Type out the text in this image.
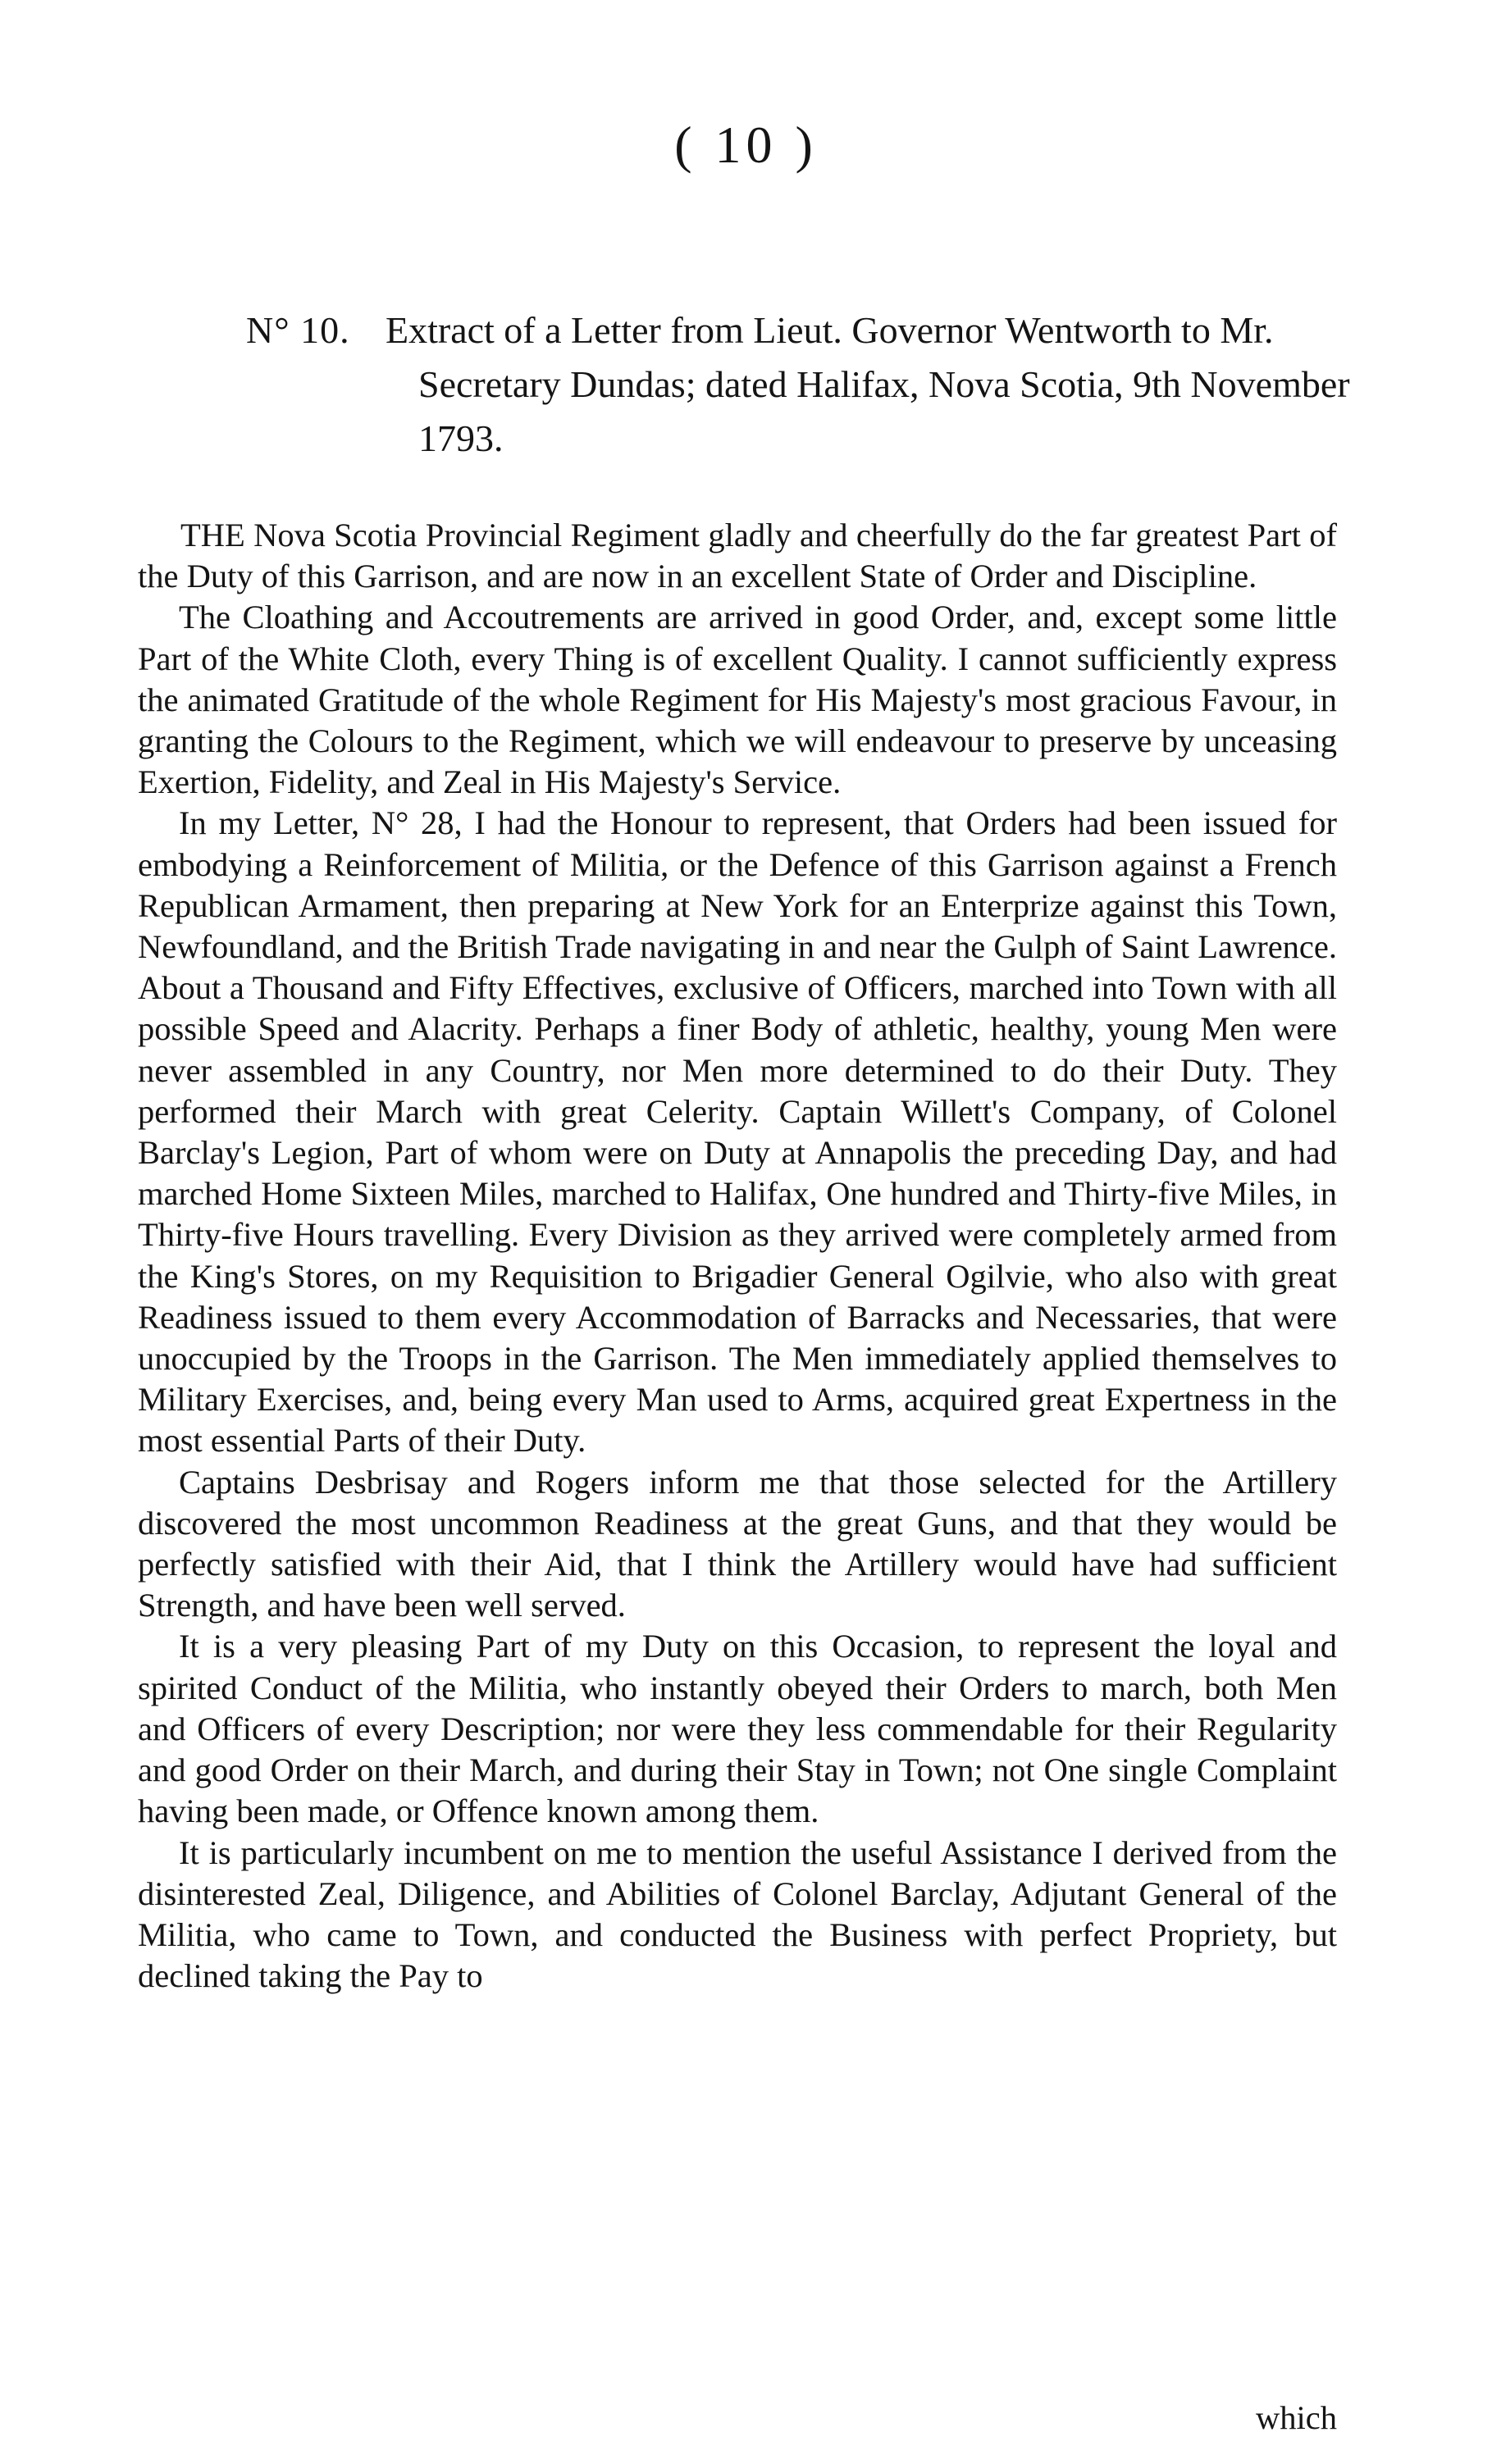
( 10 )
N° 10. Extract of a Letter from Lieut. Governor Wentworth to Mr. Secretary Dundas; dated Halifax, Nova Scotia, 9th November 1793.

THE Nova Scotia Provincial Regiment gladly and cheerfully do the far greatest Part of the Duty of this Garrison, and are now in an excellent State of Order and Discipline.

The Cloathing and Accoutrements are arrived in good Order, and, except some little Part of the White Cloth, every Thing is of excellent Quality. I cannot sufficiently express the animated Gratitude of the whole Regiment for His Majesty's most gracious Favour, in granting the Colours to the Regiment, which we will endeavour to preserve by unceasing Exertion, Fidelity, and Zeal in His Majesty's Service.

In my Letter, N° 28, I had the Honour to represent, that Orders had been issued for embodying a Reinforcement of Militia, or the Defence of this Garrison against a French Republican Armament, then preparing at New York for an Enterprize against this Town, Newfoundland, and the British Trade navigating in and near the Gulph of Saint Lawrence. About a Thousand and Fifty Effectives, exclusive of Officers, marched into Town with all possible Speed and Alacrity. Perhaps a finer Body of athletic, healthy, young Men were never assembled in any Country, nor Men more determined to do their Duty. They performed their March with great Celerity. Captain Willett's Company, of Colonel Barclay's Legion, Part of whom were on Duty at Annapolis the preceding Day, and had marched Home Sixteen Miles, marched to Halifax, One hundred and Thirty-five Miles, in Thirty-five Hours travelling. Every Division as they arrived were completely armed from the King's Stores, on my Requisition to Brigadier General Ogilvie, who also with great Readiness issued to them every Accommodation of Barracks and Necessaries, that were unoccupied by the Troops in the Garrison. The Men immediately applied themselves to Military Exercises, and, being every Man used to Arms, acquired great Expertness in the most essential Parts of their Duty.

Captains Desbrisay and Rogers inform me that those selected for the Artillery discovered the most uncommon Readiness at the great Guns, and that they would be perfectly satisfied with their Aid, that I think the Artillery would have had sufficient Strength, and have been well served.

It is a very pleasing Part of my Duty on this Occasion, to represent the loyal and spirited Conduct of the Militia, who instantly obeyed their Orders to march, both Men and Officers of every Description; nor were they less commendable for their Regularity and good Order on their March, and during their Stay in Town; not One single Complaint having been made, or Offence known among them.

It is particularly incumbent on me to mention the useful Assistance I derived from the disinterested Zeal, Diligence, and Abilities of Colonel Barclay, Adjutant General of the Militia, who came to Town, and conducted the Business with perfect Propriety, but declined taking the Pay to

which
